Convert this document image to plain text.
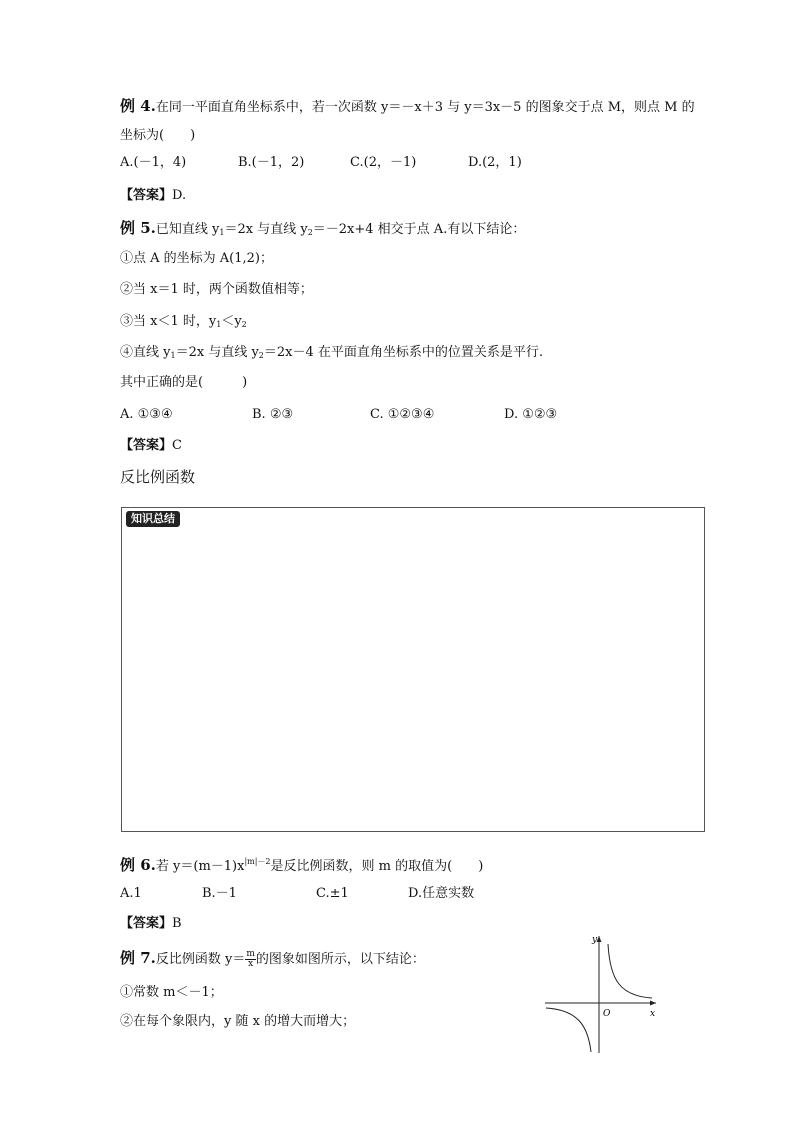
例 4.在同一平面直角坐标系中，若一次函数 y＝－x＋3 与 y＝3x－5 的图象交于点 M，则点 M 的
坐标为(　　)
A.(－1，4)	B.(－1，2)	C.(2，－1)	D.(2，1)
【答案】D.
例 5.已知直线 $y_1=2x$ 与直线 $y_2=-2x+4$ 相交于点 A.有以下结论：
①点 A 的坐标为 A(1,2)；
②当 x＝1 时，两个函数值相等；
③当 x＜1 时，$y_1<y_2$
④直线 $y_1=2x$ 与直线 $y_2=2x-4$ 在平面直角坐标系中的位置关系是平行.
其中正确的是(　　　)
A. ①③④	B. ②③	C. ①②③④	D. ①②③
【答案】C
反比例函数
知识总结
例 6.若 $y=(m-1)x^{|m|-2}$是反比例函数，则 m 的取值为(　　)
A.1	B.－1	C.±1	D.任意实数
【答案】B
例 7.反比例函数 $y= \frac{m}{x}$ 的图象如图所示，以下结论：
①常数 m＜－1；
②在每个象限内，y 随 x 的增大而增大；
y
x
O
